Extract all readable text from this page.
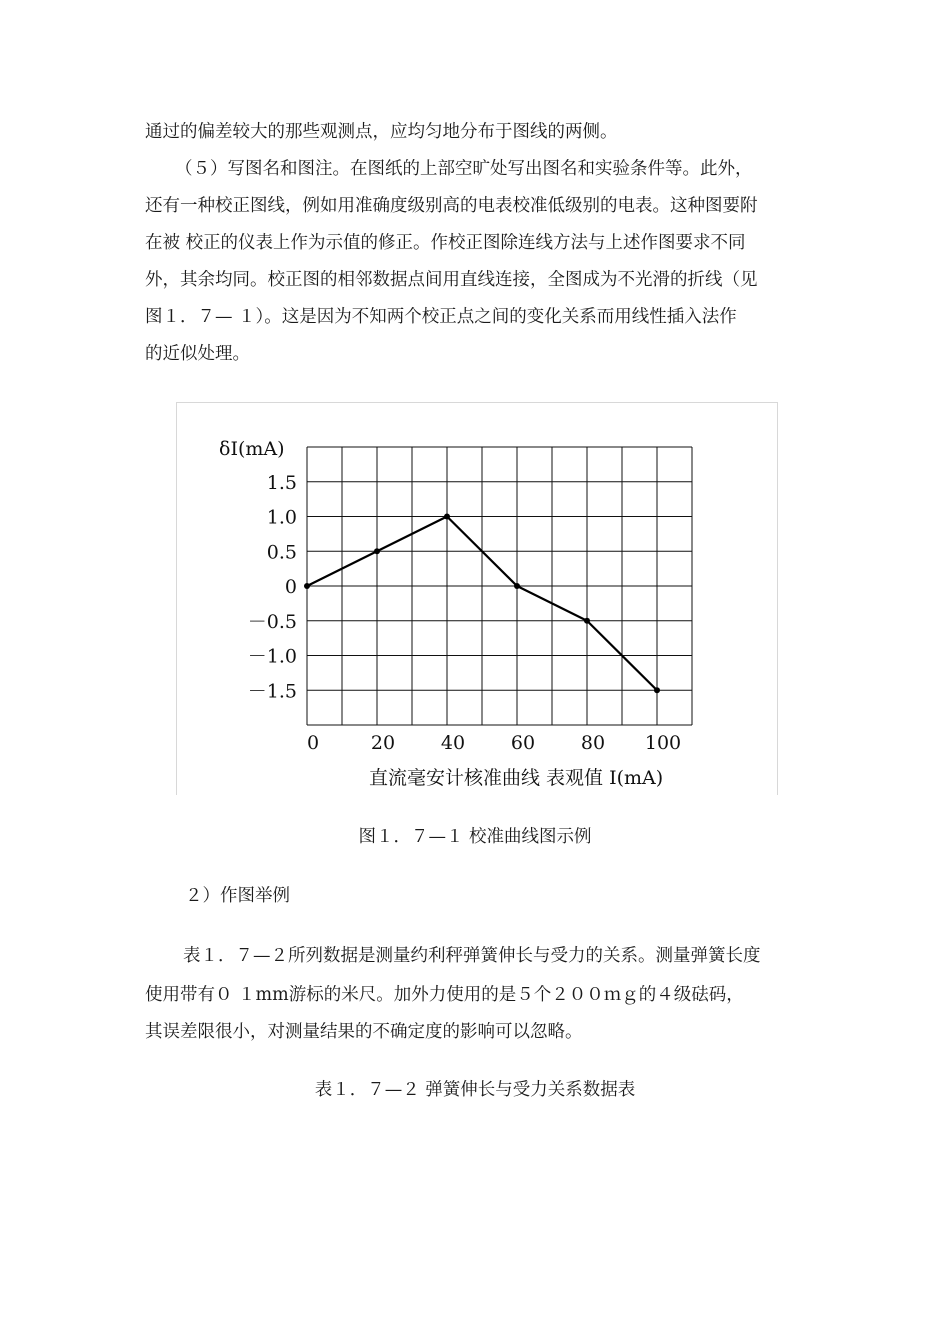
通过的偏差较大的那些观测点，应均匀地分布于图线的两侧。
（５）写图名和图注。在图纸的上部空旷处写出图名和实验条件等。此外，
还有一种校正图线，例如用准确度级别高的电表校准低级别的电表。这种图要附
在被 校正的仪表上作为示值的修正。作校正图除连线方法与上述作图要求不同
外，其余均同。校正图的相邻数据点间用直线连接，全图成为不光滑的折线（见
图１．７— １）。这是因为不知两个校正点之间的变化关系而用线性插入法作
的近似处理。
1.5
1.0
0.5
0
－0.5
－1.0
－1.5
0	20 40 60 80 100
δI(mA)
直流毫安计核准曲线 表观值 I(mA)
图１．７—１ 校准曲线图示例
２）作图举例
表１．７—２所列数据是测量约利秤弹簧伸长与受力的关系。测量弹簧长度
使用带有０ １mm游标的米尺。加外力使用的是５个２００ｍｇ的４级砝码，
其误差限很小，对测量结果的不确定度的影响可以忽略。
表１．７—２ 弹簧伸长与受力关系数据表
